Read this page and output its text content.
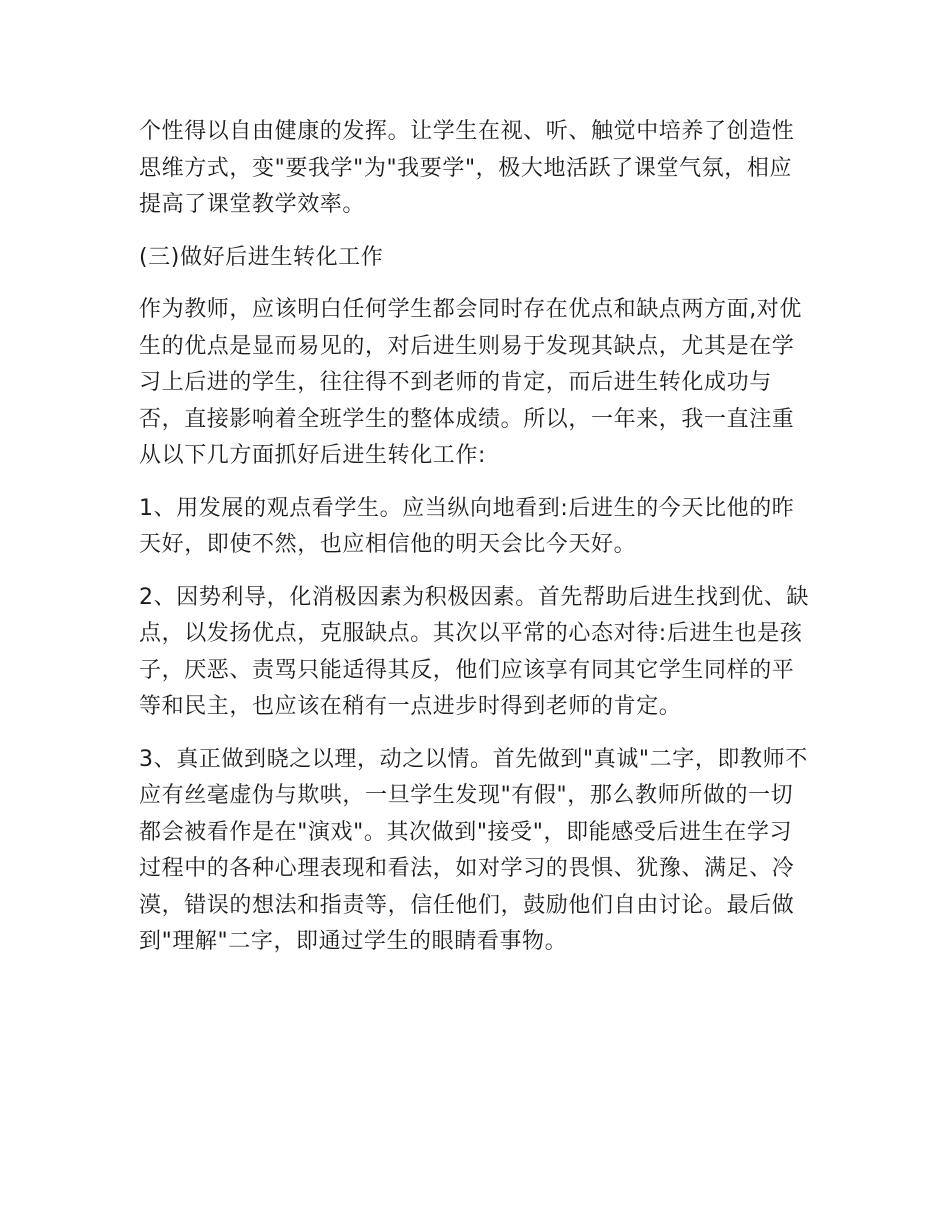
个性得以自由健康的发挥。让学生在视、听、触觉中培养了创造性思维方式，变"要我学"为"我要学"，极大地活跃了课堂气氛，相应提高了课堂教学效率。

(三)做好后进生转化工作

作为教师，应该明白任何学生都会同时存在优点和缺点两方面,对优生的优点是显而易见的，对后进生则易于发现其缺点，尤其是在学习上后进的学生，往往得不到老师的肯定，而后进生转化成功与否，直接影响着全班学生的整体成绩。所以，一年来，我一直注重从以下几方面抓好后进生转化工作:

1、用发展的观点看学生。应当纵向地看到:后进生的今天比他的昨天好，即使不然，也应相信他的明天会比今天好。

2、因势利导，化消极因素为积极因素。首先帮助后进生找到优、缺点，以发扬优点，克服缺点。其次以平常的心态对待:后进生也是孩子，厌恶、责骂只能适得其反，他们应该享有同其它学生同样的平等和民主，也应该在稍有一点进步时得到老师的肯定。

3、真正做到晓之以理，动之以情。首先做到"真诚"二字，即教师不应有丝毫虚伪与欺哄，一旦学生发现"有假"，那么教师所做的一切都会被看作是在"演戏"。其次做到"接受"，即能感受后进生在学习过程中的各种心理表现和看法，如对学习的畏惧、犹豫、满足、冷漠，错误的想法和指责等，信任他们，鼓励他们自由讨论。最后做到"理解"二字，即通过学生的眼睛看事物。
